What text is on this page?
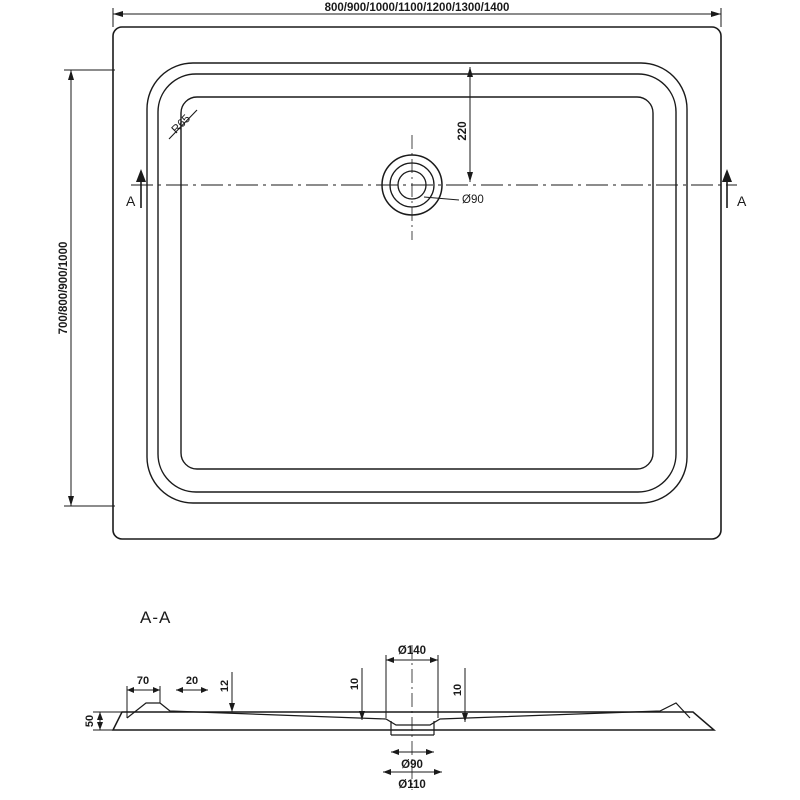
R65
Ø90
A	A
800/900/1000/1100/1200/1300/1400
700/800/900/1000
220
A-A
Ø140
Ø90
Ø110
70	20 12	10	10
50
